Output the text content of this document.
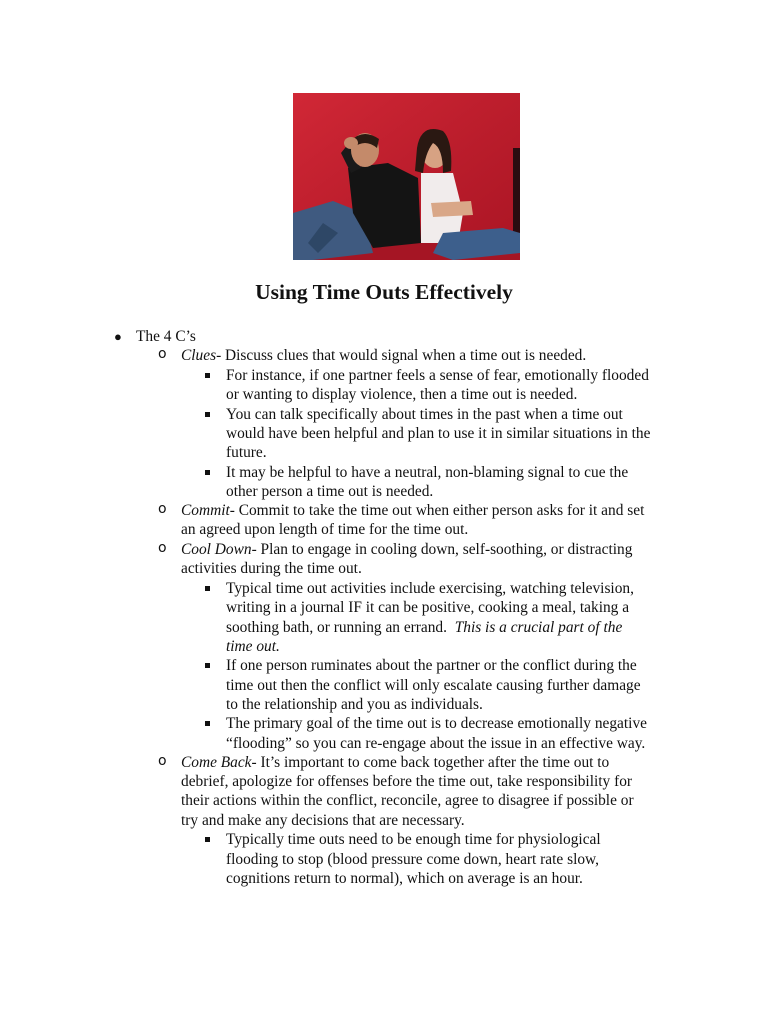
Using Time Outs Effectively
● The 4 C’s
o Clues- Discuss clues that would signal when a time out is needed.
For instance, if one partner feels a sense of fear, emotionally flooded
or wanting to display violence, then a time out is needed.
You can talk specifically about times in the past when a time out
would have been helpful and plan to use it in similar situations in the
future.
It may be helpful to have a neutral, non-blaming signal to cue the
other person a time out is needed.
o Commit- Commit to take the time out when either person asks for it and set
an agreed upon length of time for the time out.
o Cool Down- Plan to engage in cooling down, self-soothing, or distracting
activities during the time out.
Typical time out activities include exercising, watching television,
writing in a journal IF it can be positive, cooking a meal, taking a
soothing bath, or running an errand. This is a crucial part of the
time out.
If one person ruminates about the partner or the conflict during the
time out then the conflict will only escalate causing further damage
to the relationship and you as individuals.
The primary goal of the time out is to decrease emotionally negative
“flooding” so you can re-engage about the issue in an effective way.
o Come Back- It’s important to come back together after the time out to
debrief, apologize for offenses before the time out, take responsibility for
their actions within the conflict, reconcile, agree to disagree if possible or
try and make any decisions that are necessary.
Typically time outs need to be enough time for physiological
flooding to stop (blood pressure come down, heart rate slow,
cognitions return to normal), which on average is an hour.
